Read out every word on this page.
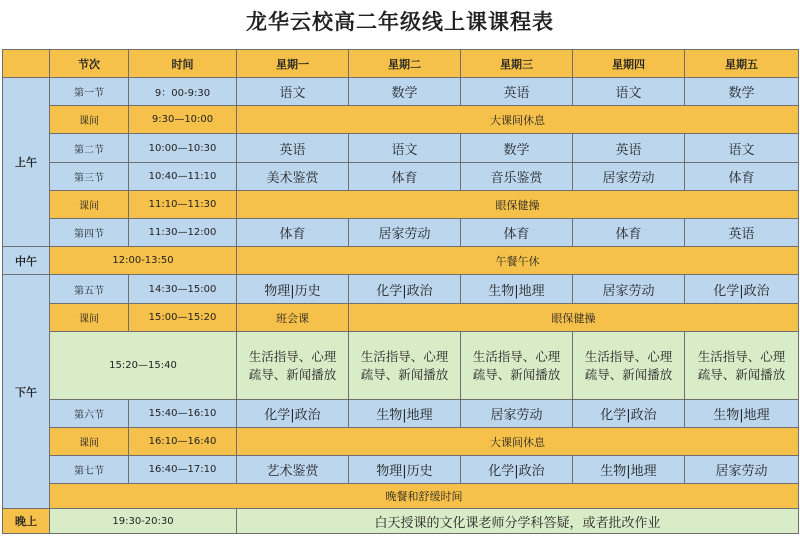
龙华云校高二年级线上课课程表
	节次	时间	星期一	星期二	星期三	星期四	星期五
上午	第一节	9：00-9:30	语文	数学	英语	语文	数学
	课间	9:30—10:00	大课间休息				
	第二节	10:00—10:30	英语	语文	数学	英语	语文
	第三节	10:40—11:10	美术鉴赏	体育	音乐鉴赏	居家劳动	体育
	课间	11:10—11:30	眼保健操				
	第四节	11:30—12:00	体育	居家劳动	体育	体育	英语
中午	12:00-13:50		午餐午休				
下午	第五节	14:30—15:00	物理|历史	化学|政治	生物|地理	居家劳动	化学|政治
	课间	15:00—15:20	班会课	眼保健操			
	15:20—15:40		生活指导、心理
疏导、新闻播放	生活指导、心理
疏导、新闻播放	生活指导、心理
疏导、新闻播放	生活指导、心理
疏导、新闻播放	生活指导、心理
疏导、新闻播放
	第六节	15:40—16:10	化学|政治	生物|地理	居家劳动	化学|政治	生物|地理
	课间	16:10—16:40	大课间休息				
	第七节	16:40—17:10	艺术鉴赏	物理|历史	化学|政治	生物|地理	居家劳动
	晚餐和舒缓时间						
晚上	19:30-20:30		白天授课的文化课老师分学科答疑，或者批改作业				
